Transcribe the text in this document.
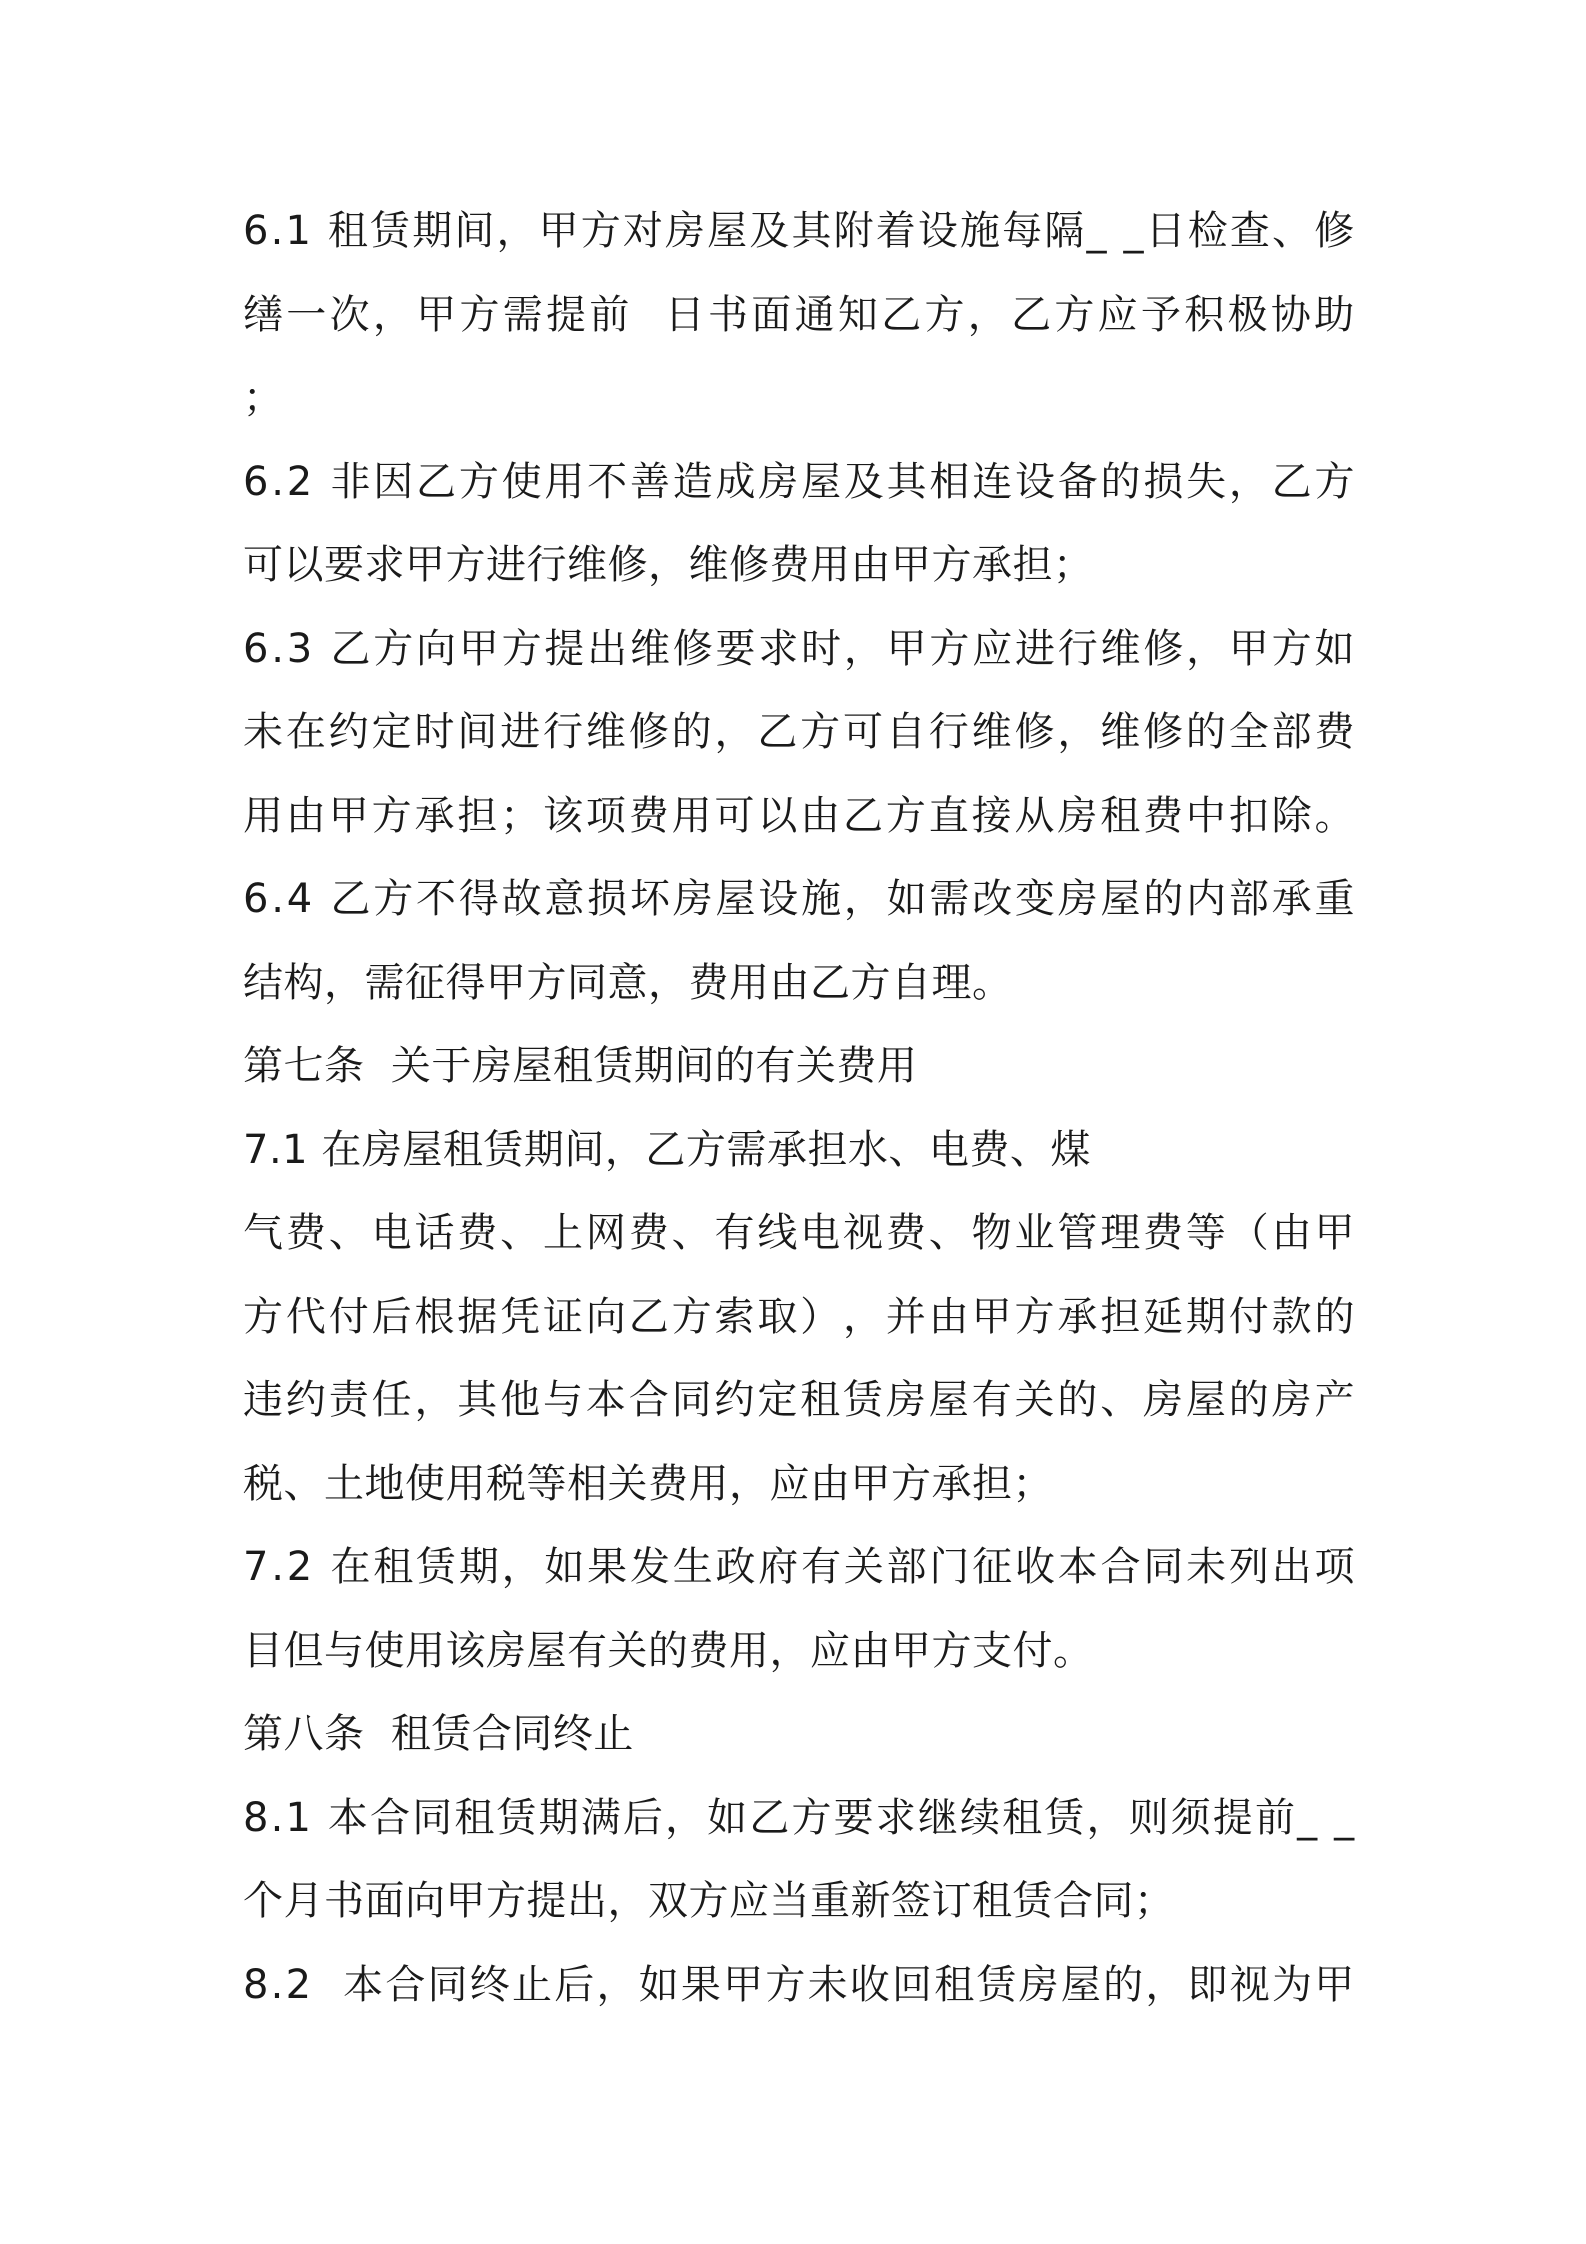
6 . 1
租 赁 期 间 ， 甲 方 对 房 屋 及 其 附 着 设 施 每 隔 _
_ 日 检 查 、 修
缮 一 次 ， 甲 方 需 提 前

日 书 面 通 知 乙 方 ， 乙 方 应 予 积 极 协 助
；
6 . 2
非 因 乙 方 使 用 不 善 造 成 房 屋 及 其 相 连 设 备 的 损 失 ， 乙 方
可以要求甲方进行维修，维修费用由甲方承担；
6 . 3
乙 方 向 甲 方 提 出 维 修 要 求 时 ， 甲 方 应 进 行 维 修 ， 甲 方 如
未 在 约 定 时 间 进 行 维 修 的 ， 乙 方 可 自 行 维 修 ， 维 修 的 全 部 费
用 由 甲 方 承 担 ； 该 项 费 用 可 以 由 乙 方 直 接 从 房 租 费 中 扣 除 。
6 . 4
乙 方 不 得 故 意 损 坏 房 屋 设 施 ， 如 需 改 变 房 屋 的 内 部 承 重
结构，需征得甲方同意，费用由乙方自理。
第七条  关于房屋租赁期间的有关费用
7.1 在房屋租赁期间，乙方需承担水、电费、煤
气 费 、 电 话 费 、 上 网 费 、 有 线 电 视 费 、 物 业 管 理 费 等 （ 由 甲
方 代 付 后 根 据 凭 证 向 乙 方 索 取 ） ， 并 由 甲 方 承 担 延 期 付 款 的
违 约 责 任 ， 其 他 与 本 合 同 约 定 租 赁 房 屋 有 关 的 、 房 屋 的 房 产
税、土地使用税等相关费用，应由甲方承担；
7 . 2
在 租 赁 期 ， 如 果 发 生 政 府 有 关 部 门 征 收 本 合 同 未 列 出 项
目但与使用该房屋有关的费用，应由甲方支付。
第八条  租赁合同终止
8 . 1
本 合 同 租 赁 期 满 后 ， 如 乙 方 要 求 继 续 租 赁 ， 则 须 提 前 _
_
个月书面向甲方提出，双方应当重新签订租赁合同；
8 . 2

本 合 同 终 止 后 ， 如 果 甲 方 未 收 回 租 赁 房 屋 的 ， 即 视 为 甲
